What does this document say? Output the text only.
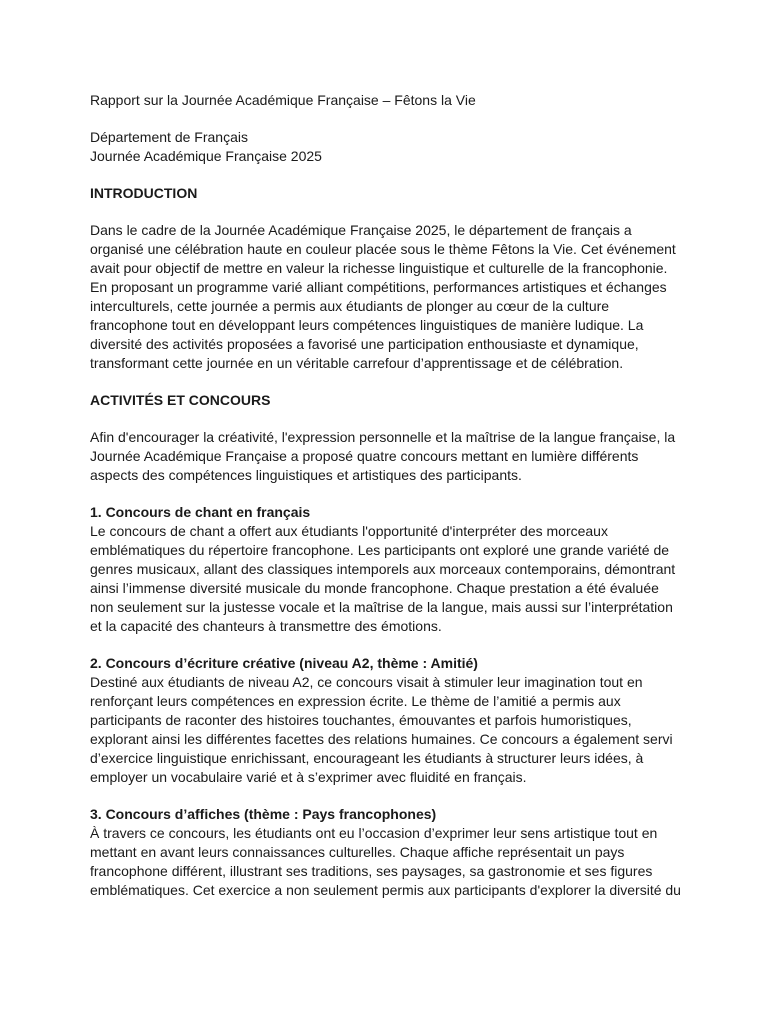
Rapport sur la Journée Académique Française – Fêtons la Vie
Département de Français
Journée Académique Française 2025
INTRODUCTION
Dans le cadre de la Journée Académique Française 2025, le département de français a
organisé une célébration haute en couleur placée sous le thème Fêtons la Vie. Cet événement
avait pour objectif de mettre en valeur la richesse linguistique et culturelle de la francophonie.
En proposant un programme varié alliant compétitions, performances artistiques et échanges
interculturels, cette journée a permis aux étudiants de plonger au cœur de la culture
francophone tout en développant leurs compétences linguistiques de manière ludique. La
diversité des activités proposées a favorisé une participation enthousiaste et dynamique,
transformant cette journée en un véritable carrefour d’apprentissage et de célébration.
ACTIVITÉS ET CONCOURS
Afin d'encourager la créativité, l'expression personnelle et la maîtrise de la langue française, la
Journée Académique Française a proposé quatre concours mettant en lumière différents
aspects des compétences linguistiques et artistiques des participants.
1. Concours de chant en français
Le concours de chant a offert aux étudiants l'opportunité d'interpréter des morceaux
emblématiques du répertoire francophone. Les participants ont exploré une grande variété de
genres musicaux, allant des classiques intemporels aux morceaux contemporains, démontrant
ainsi l’immense diversité musicale du monde francophone. Chaque prestation a été évaluée
non seulement sur la justesse vocale et la maîtrise de la langue, mais aussi sur l’interprétation
et la capacité des chanteurs à transmettre des émotions.
2. Concours d’écriture créative (niveau A2, thème : Amitié)
Destiné aux étudiants de niveau A2, ce concours visait à stimuler leur imagination tout en
renforçant leurs compétences en expression écrite. Le thème de l’amitié a permis aux
participants de raconter des histoires touchantes, émouvantes et parfois humoristiques,
explorant ainsi les différentes facettes des relations humaines. Ce concours a également servi
d’exercice linguistique enrichissant, encourageant les étudiants à structurer leurs idées, à
employer un vocabulaire varié et à s’exprimer avec fluidité en français.
3. Concours d’affiches (thème : Pays francophones)
À travers ce concours, les étudiants ont eu l’occasion d’exprimer leur sens artistique tout en
mettant en avant leurs connaissances culturelles. Chaque affiche représentait un pays
francophone différent, illustrant ses traditions, ses paysages, sa gastronomie et ses figures
emblématiques. Cet exercice a non seulement permis aux participants d'explorer la diversité du
